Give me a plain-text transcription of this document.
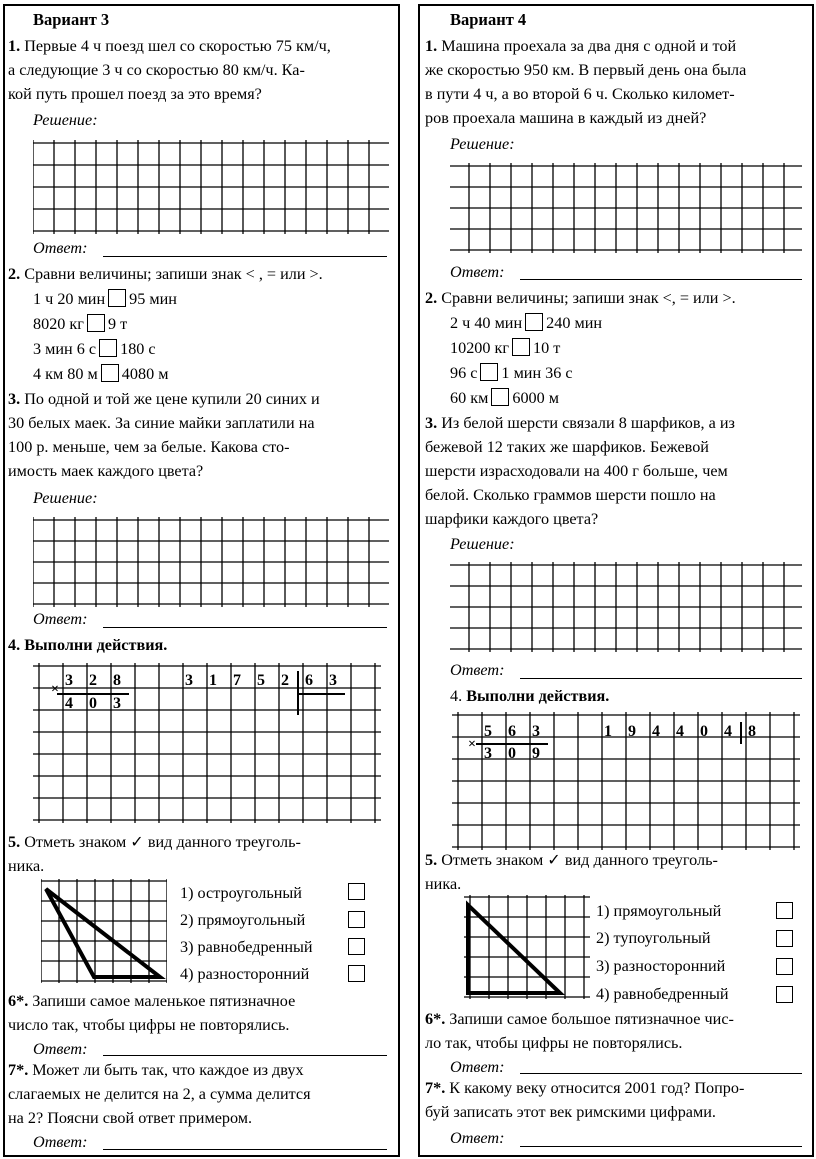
Вариант 3
1. Первые 4 ч поезд шел со скоростью 75 км/ч,
а следующие 3 ч со скоростью 80 км/ч. Ка-
кой путь прошел поезд за это время?
Решение:
Ответ:
2. Сравни величины; запиши знак < , = или >.
1 ч 20 мин 95 мин
8020 кг 9 т
3 мин 6 с 180 с
4 км 80 м 4080 м
3. По одной и той же цене купили 20 синих и
30 белых маек. За синие майки заплатили на
100 р. меньше, чем за белые. Какова сто-
имость маек каждого цвета?
Решение:
Ответ:
4. Выполни действия.
×
3	2	8
4	0	3
3	1	7	5	2	6	3
5. Отметь знаком ✓ вид данного треуголь-
ника.
1) остроугольный
2) прямоугольный
3) равнобедренный
4) разносторонний
6*. Запиши самое маленькое пятизначное
число так, чтобы цифры не повторялись.
Ответ:
7*. Может ли быть так, что каждое из двух
слагаемых не делится на 2, а сумма делится
на 2? Поясни свой ответ примером.
Ответ:
Вариант 4
1. Машина проехала за два дня с одной и той
же скоростью 950 км. В первый день она была
в пути 4 ч, а во второй 6 ч. Сколько километ-
ров проехала машина в каждый из дней?
Решение:
Ответ:
2. Сравни величины; запиши знак <, = или >.
2 ч 40 мин 240 мин
10200 кг 10 т
96 с 1 мин 36 с
60 км 6000 м
3. Из белой шерсти связали 8 шарфиков, а из
бежевой 12 таких же шарфиков. Бежевой
шерсти израсходовали на 400 г больше, чем
белой. Сколько граммов шерсти пошло на
шарфики каждого цвета?
Решение:
Ответ:
4. Выполни действия.
×
5	6	3
3	0	9
1	9	4	4	0	4	8
5. Отметь знаком ✓ вид данного треуголь-
ника.
1) прямоугольный
2) тупоугольный
3) разносторонний
4) равнобедренный
6*. Запиши самое большое пятизначное чис-
ло так, чтобы цифры не повторялись.
Ответ:
7*. К какому веку относится 2001 год? Попро-
буй записать этот век римскими цифрами.
Ответ:
